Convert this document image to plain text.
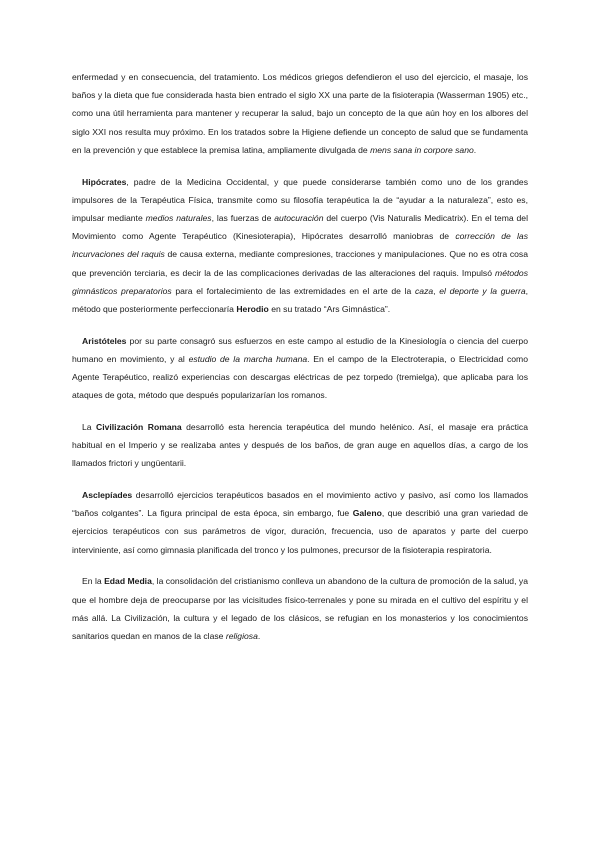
enfermedad y en consecuencia, del tratamiento. Los médicos griegos defendieron el uso del ejercicio, el masaje, los baños y la dieta que fue considerada hasta bien entrado el siglo XX una parte de la fisioterapia (Wasserman 1905) etc., como una útil herramienta para mantener y recuperar la salud, bajo un concepto de la que aún hoy en los albores del siglo XXI nos resulta muy próximo. En los tratados sobre la Higiene defiende un concepto de salud que se fundamenta en la prevención y que establece la premisa latina, ampliamente divulgada de mens sana in corpore sano.

Hipócrates, padre de la Medicina Occidental, y que puede considerarse también como uno de los grandes impulsores de la Terapéutica Física, transmite como su filosofía terapéutica la de “ayudar a la naturaleza”, esto es, impulsar mediante medios naturales, las fuerzas de autocuración del cuerpo (Vis Naturalis Medicatrix). En el tema del Movimiento como Agente Terapéutico (Kinesioterapia), Hipócrates desarrolló maniobras de corrección de las incurvaciones del raquis de causa externa, mediante compresiones, tracciones y manipulaciones. Que no es otra cosa que prevención terciaria, es decir la de las complicaciones derivadas de las alteraciones del raquis. Impulsó métodos gimnásticos preparatorios para el fortalecimiento de las extremidades en el arte de la caza, el deporte y la guerra, método que posteriormente perfeccionaría Herodio en su tratado “Ars Gimnástica”.

Aristóteles por su parte consagró sus esfuerzos en este campo al estudio de la Kinesiología o ciencia del cuerpo humano en movimiento, y al estudio de la marcha humana. En el campo de la Electroterapia, o Electricidad como Agente Terapéutico, realizó experiencias con descargas eléctricas de pez torpedo (tremielga), que aplicaba para los ataques de gota, método que después popularizarían los romanos.

La Civilización Romana desarrolló esta herencia terapéutica del mundo helénico. Así, el masaje era práctica habitual en el Imperio y se realizaba antes y después de los baños, de gran auge en aquellos días, a cargo de los llamados frictori y ungüentarii.

Asclepíades desarrolló ejercicios terapéuticos basados en el movimiento activo y pasivo, así como los llamados “baños colgantes”. La figura principal de esta época, sin embargo, fue Galeno, que describió una gran variedad de ejercicios terapéuticos con sus parámetros de vigor, duración, frecuencia, uso de aparatos y parte del cuerpo interviniente, así como gimnasia planificada del tronco y los pulmones, precursor de la fisioterapia respiratoria.

En la Edad Media, la consolidación del cristianismo conlleva un abandono de la cultura de promoción de la salud, ya que el hombre deja de preocuparse por las vicisitudes físico-terrenales y pone su mirada en el cultivo del espíritu y el más allá. La Civilización, la cultura y el legado de los clásicos, se refugian en los monasterios y los conocimientos sanitarios quedan en manos de la clase religiosa.
